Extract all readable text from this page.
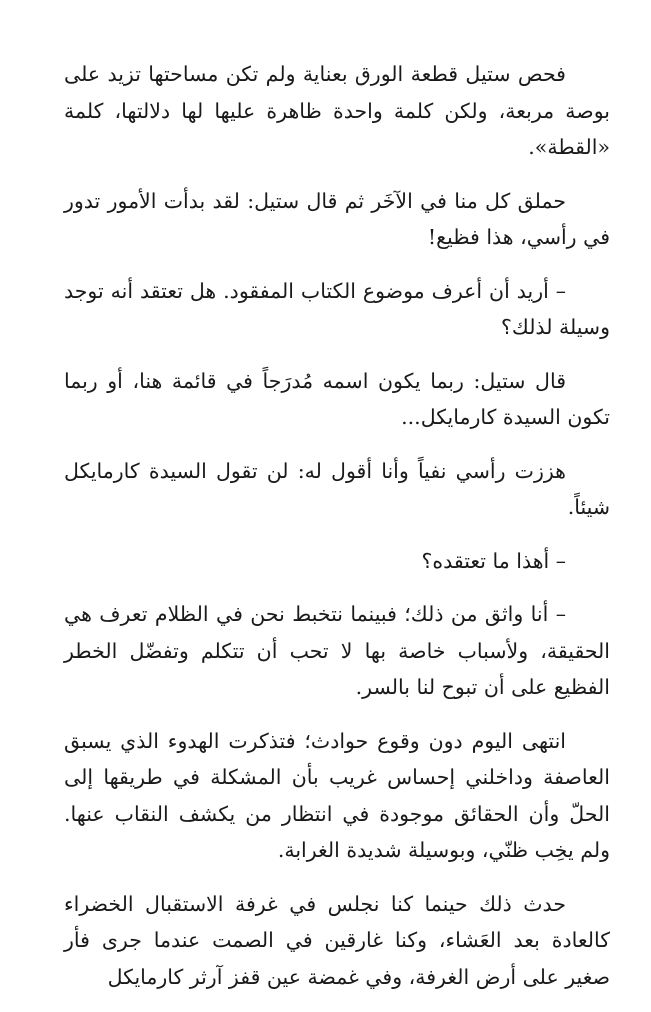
فحص ستيل قطعة الورق بعناية ولم تكن مساحتها تزيد على بوصة مربعة، ولكن كلمة واحدة ظاهرة عليها لها دلالتها، كلمة «القطة».

حملق كل منا في الآخَر ثم قال ستيل: لقد بدأت الأمور تدور في رأسي، هذا فظيع!

– أريد أن أعرف موضوع الكتاب المفقود. هل تعتقد أنه توجد وسيلة لذلك؟

قال ستيل: ربما يكون اسمه مُدرَجاً في قائمة هنا، أو ربما تكون السيدة كارمايكل...

هززت رأسي نفياً وأنا أقول له: لن تقول السيدة كارمايكل شيئاً.

– أهذا ما تعتقده؟

– أنا واثق من ذلك؛ فبينما نتخبط نحن في الظلام تعرف هي الحقيقة، ولأسباب خاصة بها لا تحب أن تتكلم وتفضّل الخطر الفظيع على أن تبوح لنا بالسر.

انتهى اليوم دون وقوع حوادث؛ فتذكرت الهدوء الذي يسبق العاصفة وداخلني إحساس غريب بأن المشكلة في طريقها إلى الحلّ وأن الحقائق موجودة في انتظار من يكشف النقاب عنها. ولم يخِب ظنّي، وبوسيلة شديدة الغرابة.

حدث ذلك حينما كنا نجلس في غرفة الاستقبال الخضراء كالعادة بعد العَشاء، وكنا غارقين في الصمت عندما جرى فأر صغير على أرض الغرفة، وفي غمضة عين قفز آرثر كارمايكل
